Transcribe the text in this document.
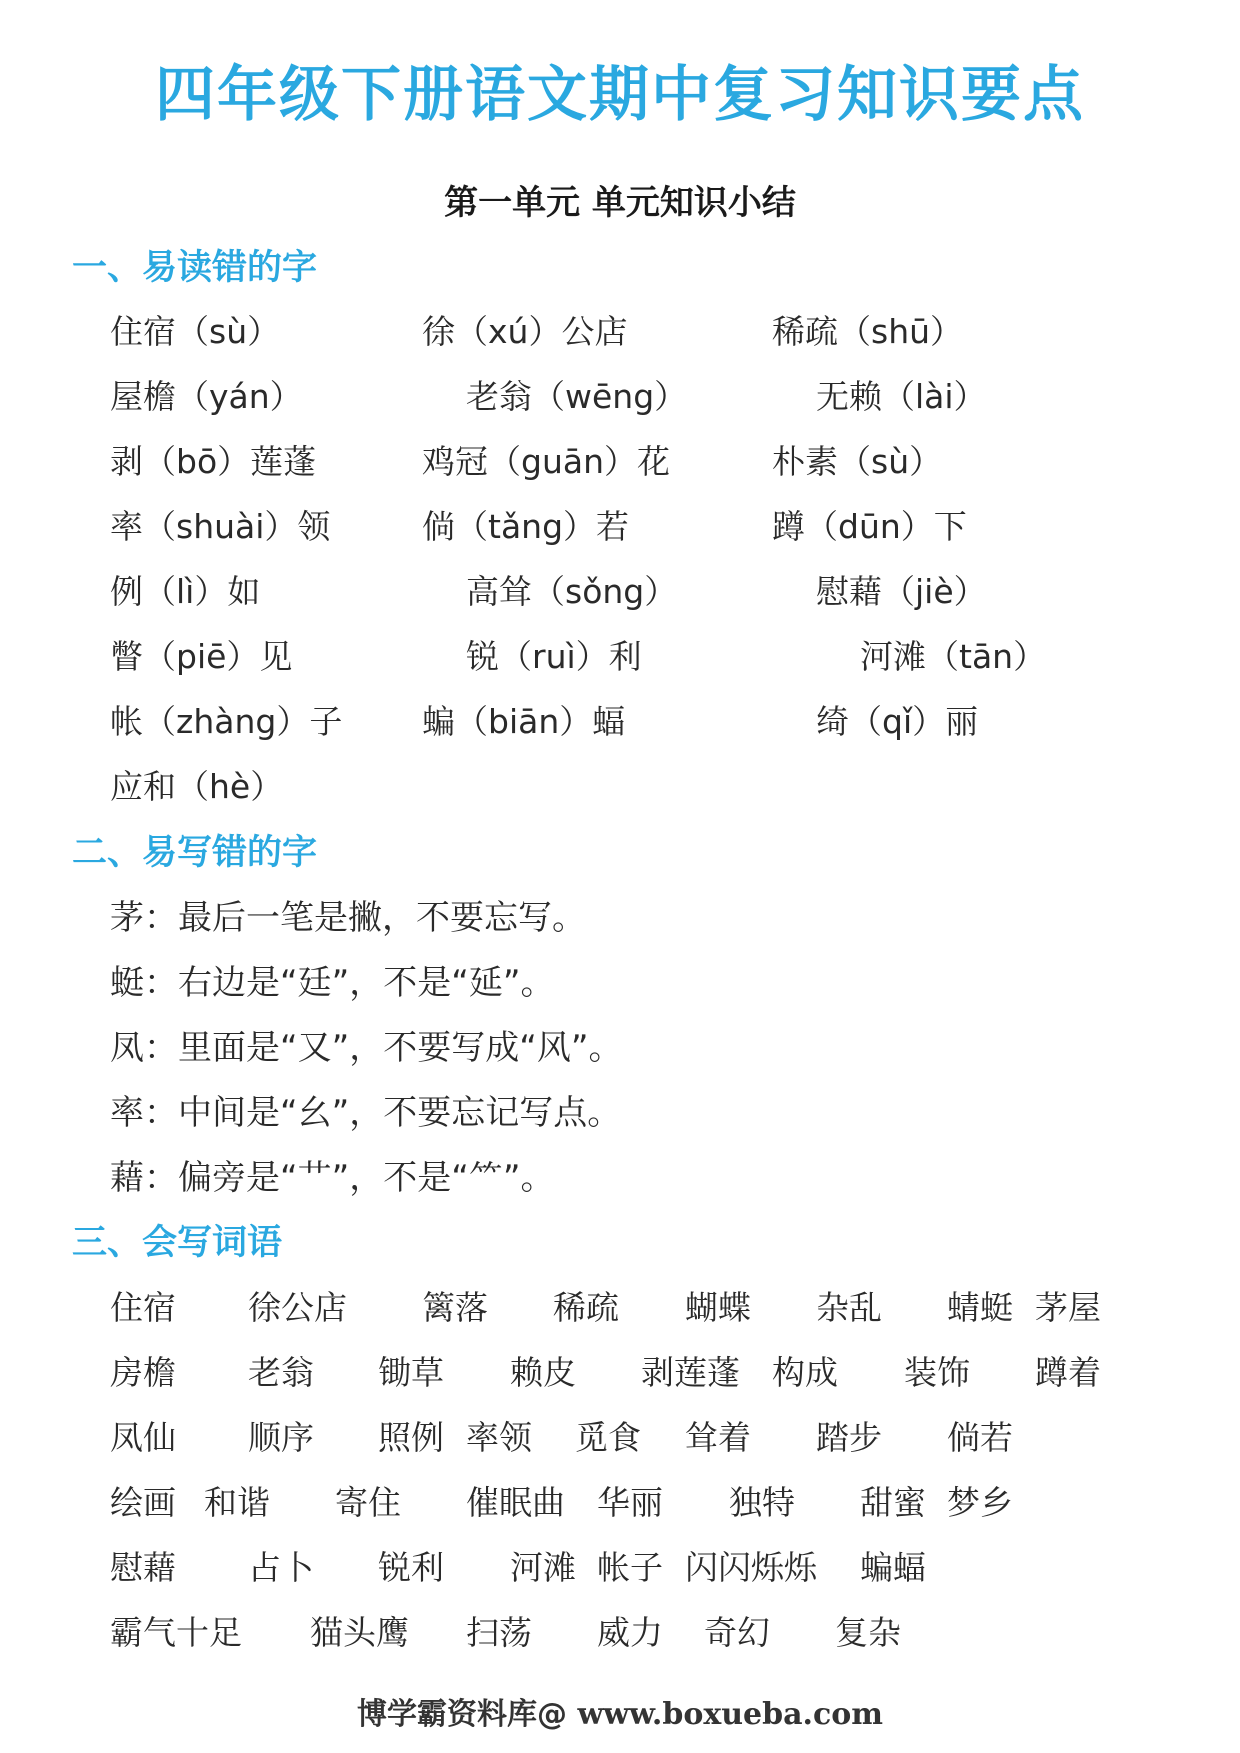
四年级下册语文期中复习知识要点
第一单元 单元知识小结
一、易读错的字
住宿（sù）	徐（xú）公店	稀疏（shū）
屋檐（yán）	老翁（wēng）	无赖（lài）
剥（bō）莲蓬	鸡冠（guān）花	朴素（sù）
率（shuài）领	倘（tǎng）若	蹲（dūn）下
例（lì）如	高耸（sǒng）	慰藉（jiè）
瞥（piē）见	锐（ruì）利	河滩（tān）
帐（zhàng）子 蝙（biān）蝠	绮（qǐ）丽
应和（hè）
二、易写错的字
茅：最后一笔是撇，不要忘写。
蜓：右边是“廷”，不是“延”。
凤：里面是“又”，不要写成“风”。
率：中间是“幺”，不要忘记写点。
藉：偏旁是“艹”，不是“⺮”。
三、会写词语
住宿 徐公店 篱落 稀疏 蝴蝶 杂乱 蜻蜓 茅屋
房檐 老翁 锄草 赖皮 剥莲蓬 构成 装饰 蹲着
凤仙 顺序 照例 率领 觅食 耸着 踏步 倘若
绘画 和谐 寄住 催眠曲 华丽 独特 甜蜜 梦乡
慰藉 占卜 锐利 河滩 帐子 闪闪烁烁 蝙蝠
霸气十足 猫头鹰 扫荡 威力 奇幻 复杂
博学霸资料库@ www.boxueba.com
